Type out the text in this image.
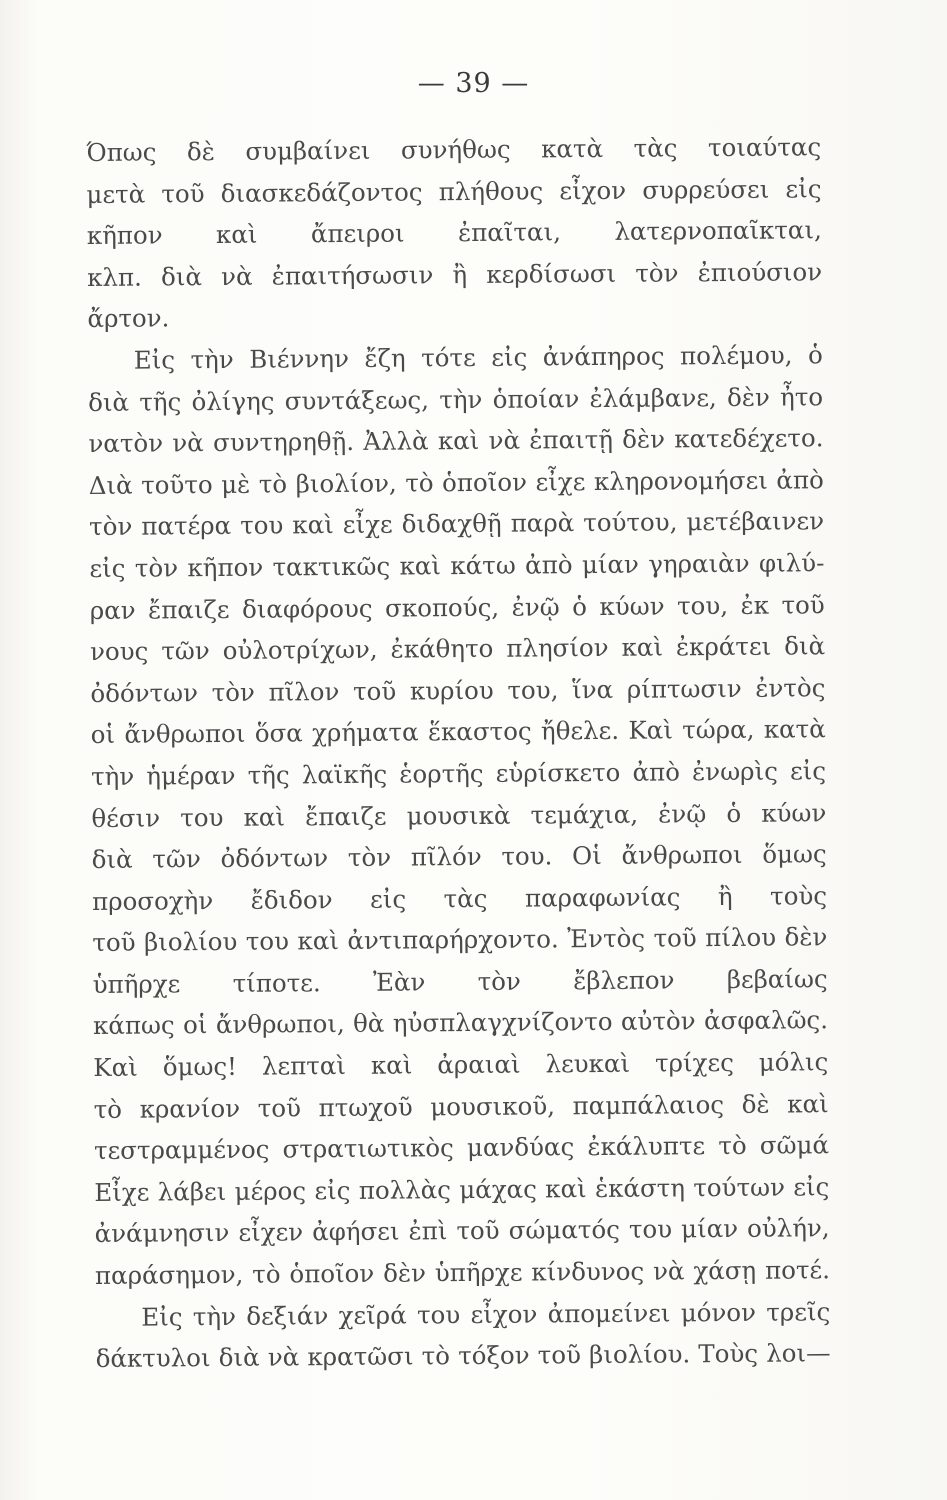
— 39 —
Όπως δὲ συμβαίνει συνήθως κατὰ τὰς τοιαύτας
μετὰ τοῦ διασκεδάζοντος πλήθους εἶχον συρρεύσει εἰς
κῆπον καὶ ἄπειροι ἐπαῖται, λατερνοπαῖκται,
κλπ. διὰ νὰ ἐπαιτήσωσιν ἢ κερδίσωσι τὸν ἐπιούσιον
ἄρτον.
Εἰς τὴν Βιέννην ἔζη τότε εἰς ἀνάπηρος πολέμου, ὁ
διὰ τῆς ὀλίγης συντάξεως, τὴν ὁποίαν ἐλάμβανε, δὲν ἦτο
νατὸν νὰ συντηρηθῇ. Ἀλλὰ καὶ νὰ ἐπαιτῇ δὲν κατεδέχετο.
Διὰ τοῦτο μὲ τὸ βιολίον, τὸ ὁποῖον εἶχε κληρονομήσει ἀπὸ
τὸν πατέρα του καὶ εἶχε διδαχθῇ παρὰ τούτου, μετέβαινεν
εἰς τὸν κῆπον τακτικῶς καὶ κάτω ἀπὸ μίαν γηραιὰν φιλύ-
ραν ἔπαιζε διαφόρους σκοπούς, ἐνῷ ὁ κύων του, ἐκ τοῦ
νους τῶν οὐλοτρίχων, ἐκάθητο πλησίον καὶ ἐκράτει διὰ
ὀδόντων τὸν πῖλον τοῦ κυρίου του, ἵνα ρίπτωσιν ἐντὸς
οἱ ἄνθρωποι ὅσα χρήματα ἕκαστος ἤθελε. Καὶ τώρα, κατὰ
τὴν ἡμέραν τῆς λαϊκῆς ἑορτῆς εὑρίσκετο ἀπὸ ἐνωρὶς εἰς
θέσιν του καὶ ἔπαιζε μουσικὰ τεμάχια, ἐνῷ ὁ κύων
διὰ τῶν ὀδόντων τὸν πῖλόν του. Οἱ ἄνθρωποι ὅμως
προσοχὴν ἔδιδον εἰς τὰς παραφωνίας ἢ τοὺς
τοῦ βιολίου του καὶ ἀντιπαρήρχοντο. Ἐντὸς τοῦ πίλου δὲν
ὑπῆρχε τίποτε. Ἐὰν τὸν ἔβλεπον βεβαίως
κάπως οἱ ἄνθρωποι, θὰ ηὐσπλαγχνίζοντο αὐτὸν ἀσφαλῶς.
Καὶ ὅμως! λεπταὶ καὶ ἀραιαὶ λευκαὶ τρίχες μόλις
τὸ κρανίον τοῦ πτωχοῦ μουσικοῦ, παμπάλαιος δὲ καὶ
τεστραμμένος στρατιωτικὸς μανδύας ἐκάλυπτε τὸ σῶμά
Εἶχε λάβει μέρος εἰς πολλὰς μάχας καὶ ἑκάστη τούτων εἰς
ἀνάμνησιν εἶχεν ἀφήσει ἐπὶ τοῦ σώματός του μίαν οὐλήν,
παράσημον, τὸ ὁποῖον δὲν ὑπῆρχε κίνδυνος νὰ χάσῃ ποτέ.
Εἰς τὴν δεξιάν χεῖρά του εἶχον ἀπομείνει μόνον τρεῖς
δάκτυλοι διὰ νὰ κρατῶσι τὸ τόξον τοῦ βιολίου. Τοὺς λοι—
